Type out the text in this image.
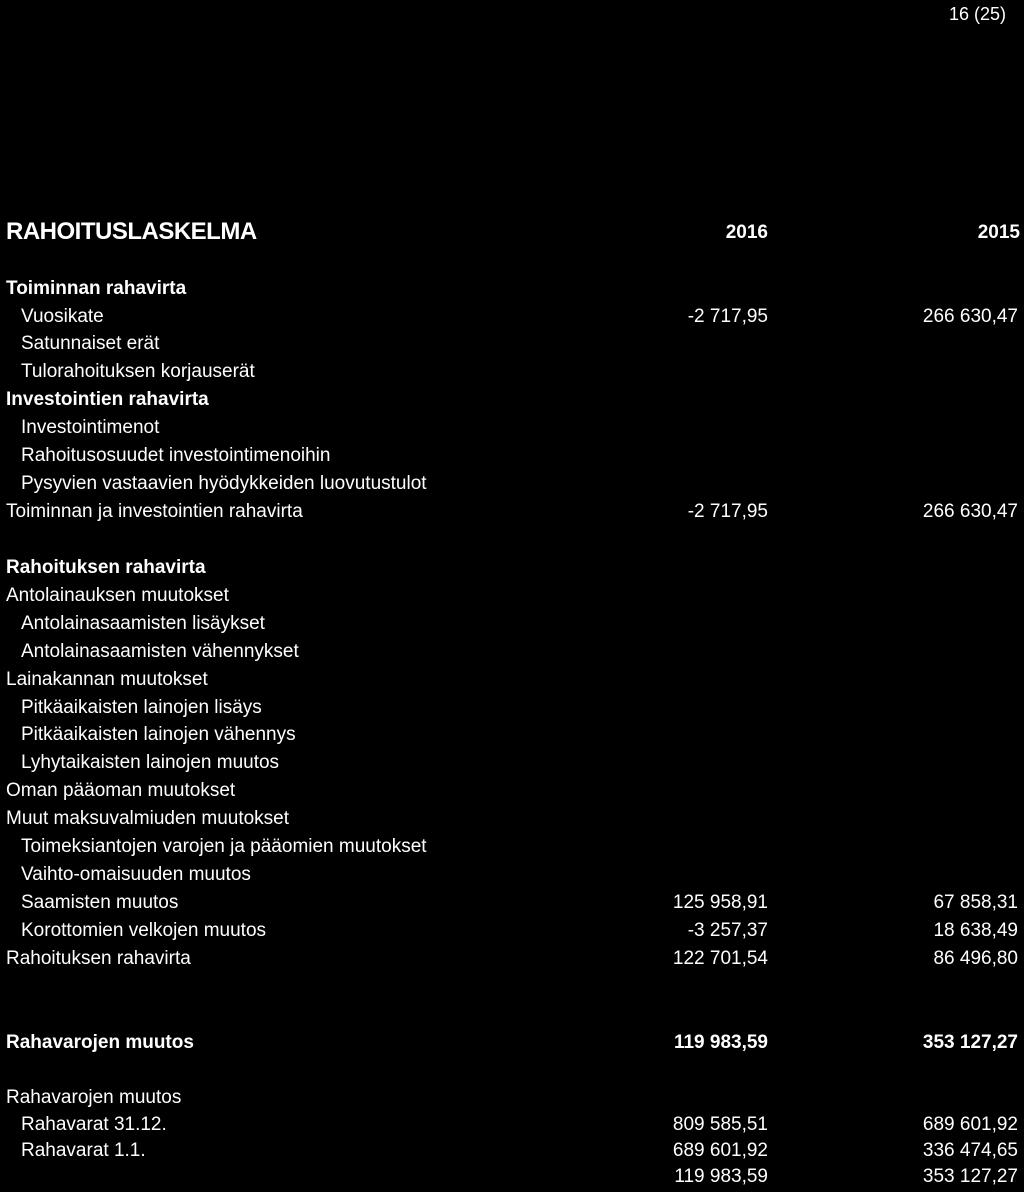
16 (25)
RAHOITUSLASKELMA	2016	2015
Toiminnan rahavirta
Vuosikate	-2 717,95	266 630,47
Satunnaiset erät
Tulorahoituksen korjauserät
Investointien rahavirta
Investointimenot
Rahoitusosuudet investointimenoihin
Pysyvien vastaavien hyödykkeiden luovutustulot
Toiminnan ja investointien rahavirta	-2 717,95	266 630,47
Rahoituksen rahavirta
Antolainauksen muutokset
Antolainasaamisten lisäykset
Antolainasaamisten vähennykset
Lainakannan muutokset
Pitkäaikaisten lainojen lisäys
Pitkäaikaisten lainojen vähennys
Lyhytaikaisten lainojen muutos
Oman pääoman muutokset
Muut maksuvalmiuden muutokset
Toimeksiantojen varojen ja pääomien muutokset
Vaihto-omaisuuden muutos
Saamisten muutos	125 958,91	67 858,31
Korottomien velkojen muutos	-3 257,37	18 638,49
Rahoituksen rahavirta	122 701,54	86 496,80
Rahavarojen muutos	119 983,59	353 127,27
Rahavarojen muutos
Rahavarat 31.12.	809 585,51	689 601,92
Rahavarat 1.1.	689 601,92	336 474,65
119 983,59	353 127,27
